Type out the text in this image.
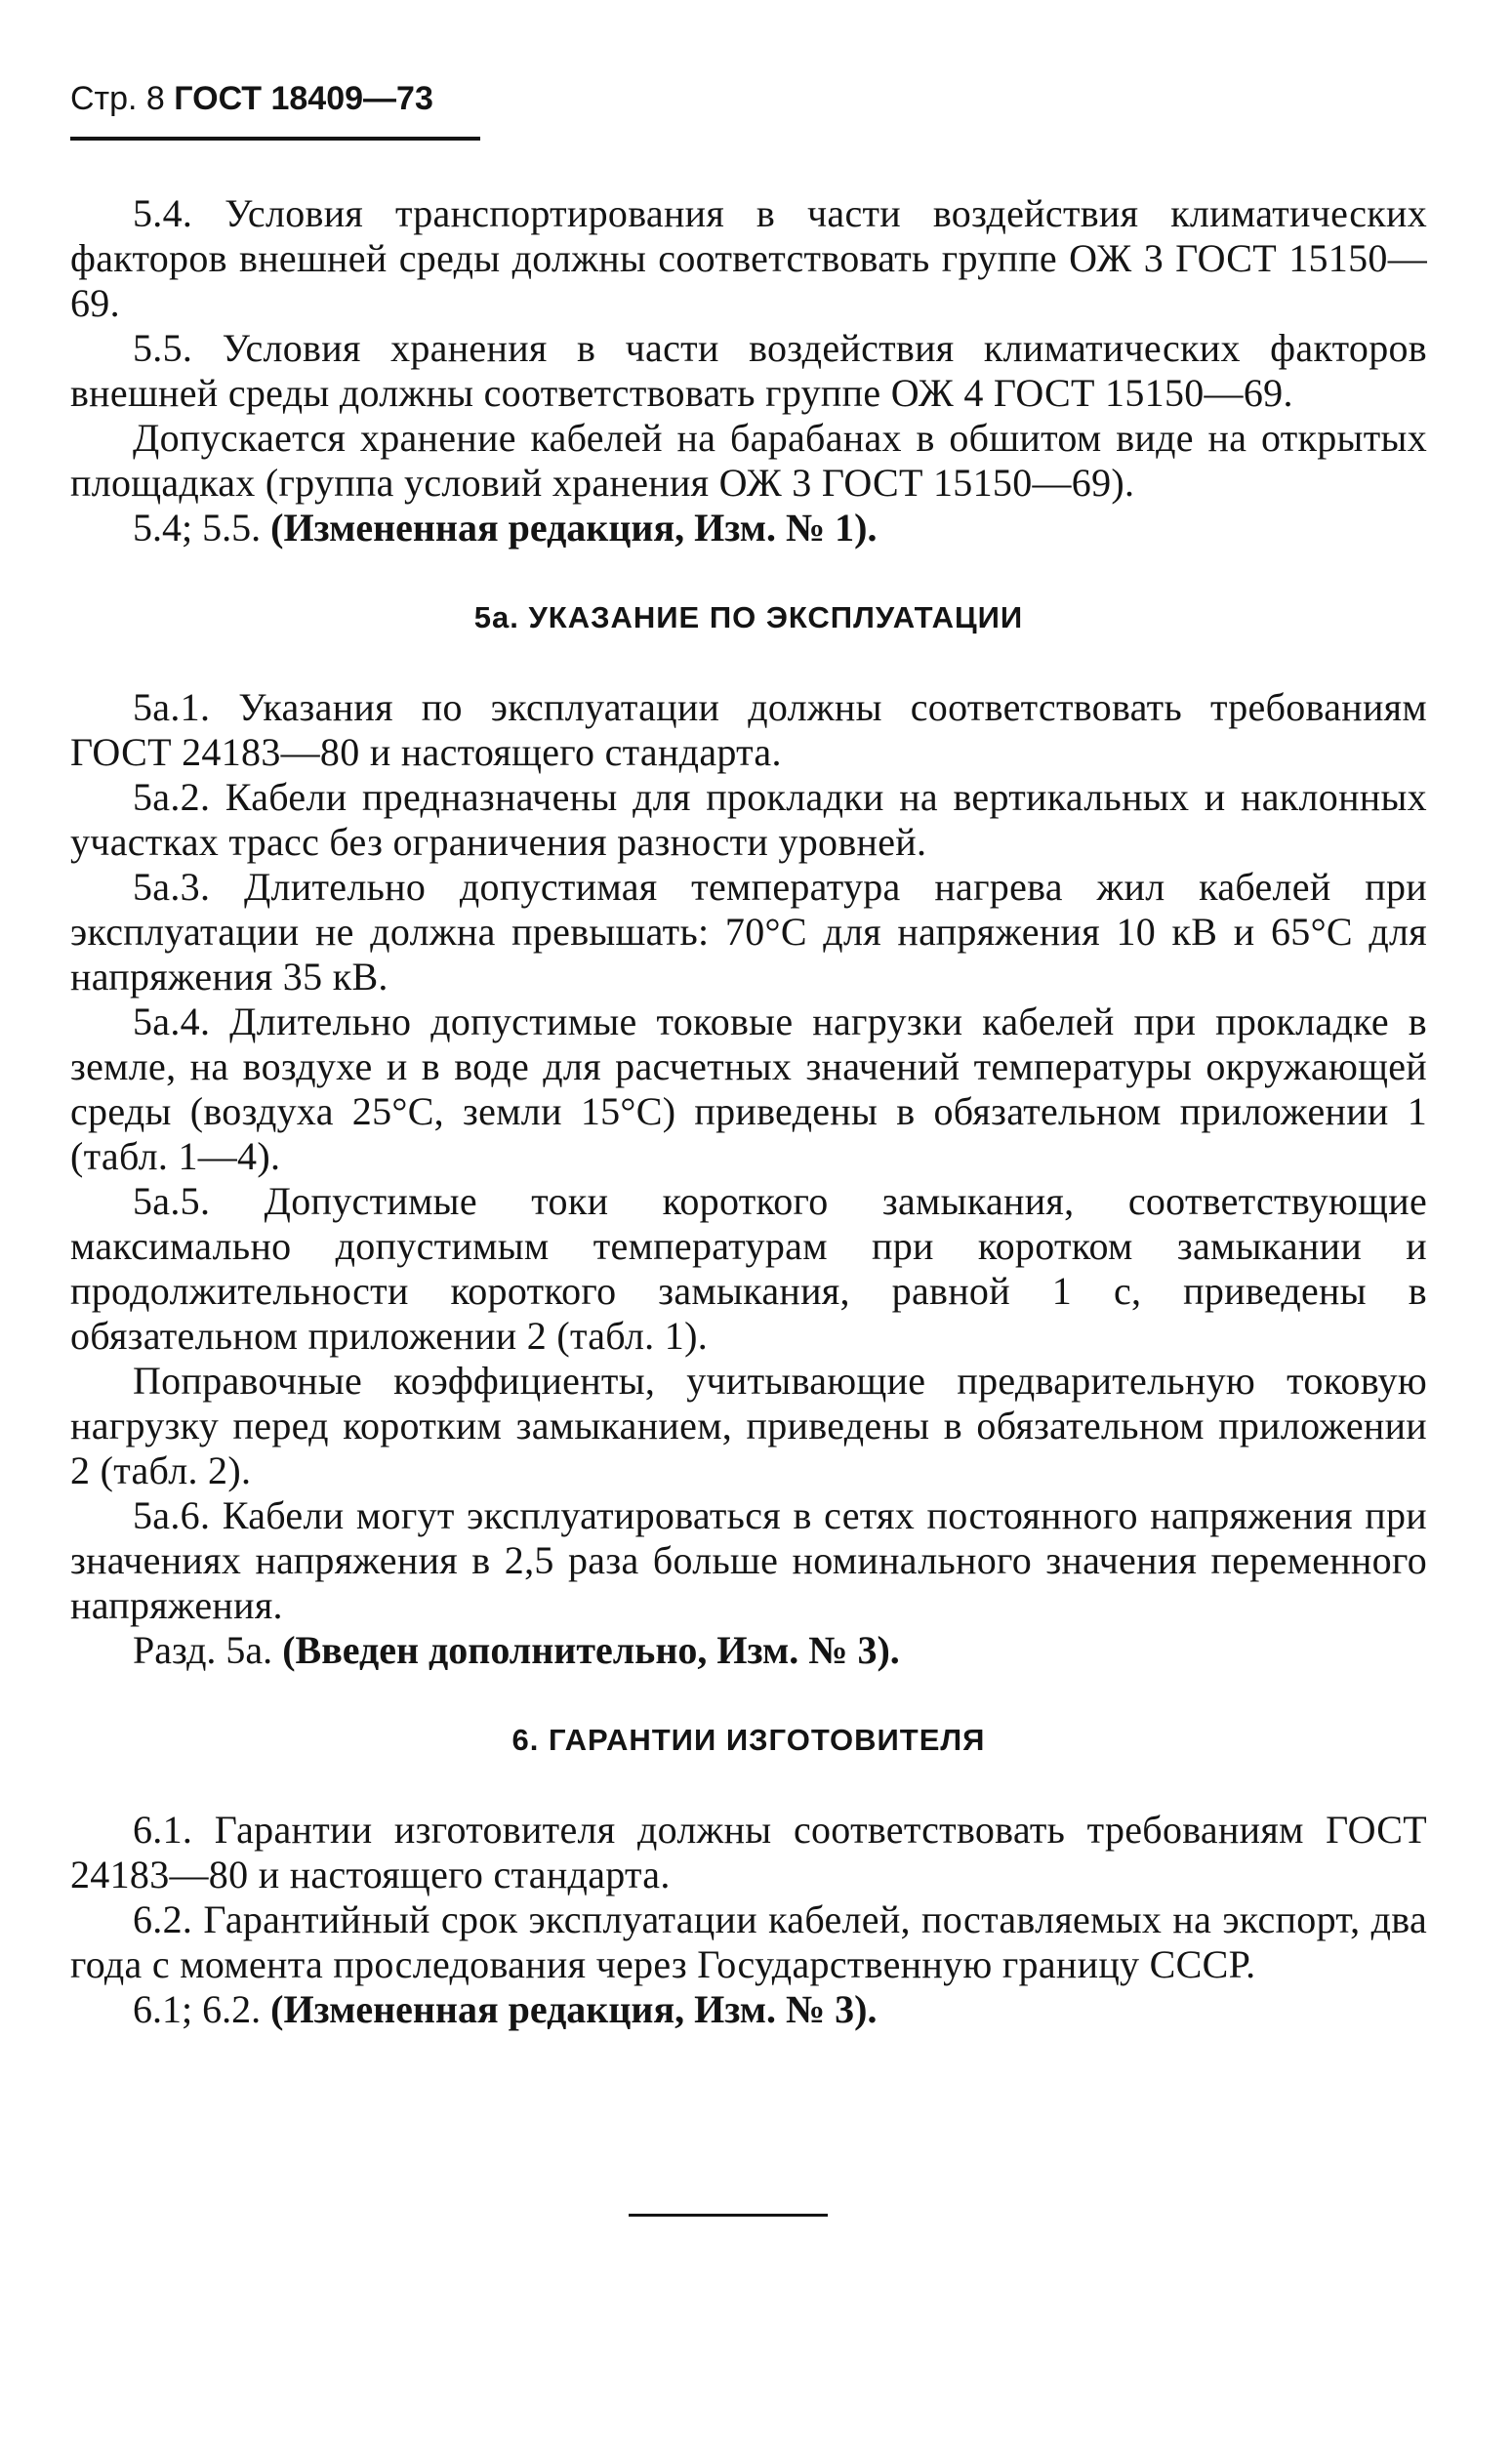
Стр. 8 ГОСТ 18409—73

5.4. Условия транспортирования в части воздействия климатических факторов внешней среды должны соответствовать группе ОЖ 3 ГОСТ 15150—69.

5.5. Условия хранения в части воздействия климатических факторов внешней среды должны соответствовать группе ОЖ 4 ГОСТ 15150—69.

Допускается хранение кабелей на барабанах в обшитом виде на открытых площадках (группа условий хранения ОЖ 3 ГОСТ 15150—69).

5.4; 5.5. (Измененная редакция, Изм. № 1).

5а. УКАЗАНИЕ ПО ЭКСПЛУАТАЦИИ

5а.1. Указания по эксплуатации должны соответствовать требованиям ГОСТ 24183—80 и настоящего стандарта.

5а.2. Кабели предназначены для прокладки на вертикальных и наклонных участках трасс без ограничения разности уровней.

5а.3. Длительно допустимая температура нагрева жил кабелей при эксплуатации не должна превышать: 70°С для напряжения 10 кВ и 65°С для напряжения 35 кВ.

5а.4. Длительно допустимые токовые нагрузки кабелей при прокладке в земле, на воздухе и в воде для расчетных значений температуры окружающей среды (воздуха 25°С, земли 15°С) приведены в обязательном приложении 1 (табл. 1—4).

5а.5. Допустимые токи короткого замыкания, соответствующие максимально допустимым температурам при коротком замыкании и продолжительности короткого замыкания, равной 1 с, приведены в обязательном приложении 2 (табл. 1).

Поправочные коэффициенты, учитывающие предварительную токовую нагрузку перед коротким замыканием, приведены в обязательном приложении 2 (табл. 2).

5а.6. Кабели могут эксплуатироваться в сетях постоянного напряжения при значениях напряжения в 2,5 раза больше номинального значения переменного напряжения.

Разд. 5а. (Введен дополнительно, Изм. № 3).

6. ГАРАНТИИ ИЗГОТОВИТЕЛЯ

6.1. Гарантии изготовителя должны соответствовать требованиям ГОСТ 24183—80 и настоящего стандарта.

6.2. Гарантийный срок эксплуатации кабелей, поставляемых на экспорт, два года с момента проследования через Государственную границу СССР.

6.1; 6.2. (Измененная редакция, Изм. № 3).
